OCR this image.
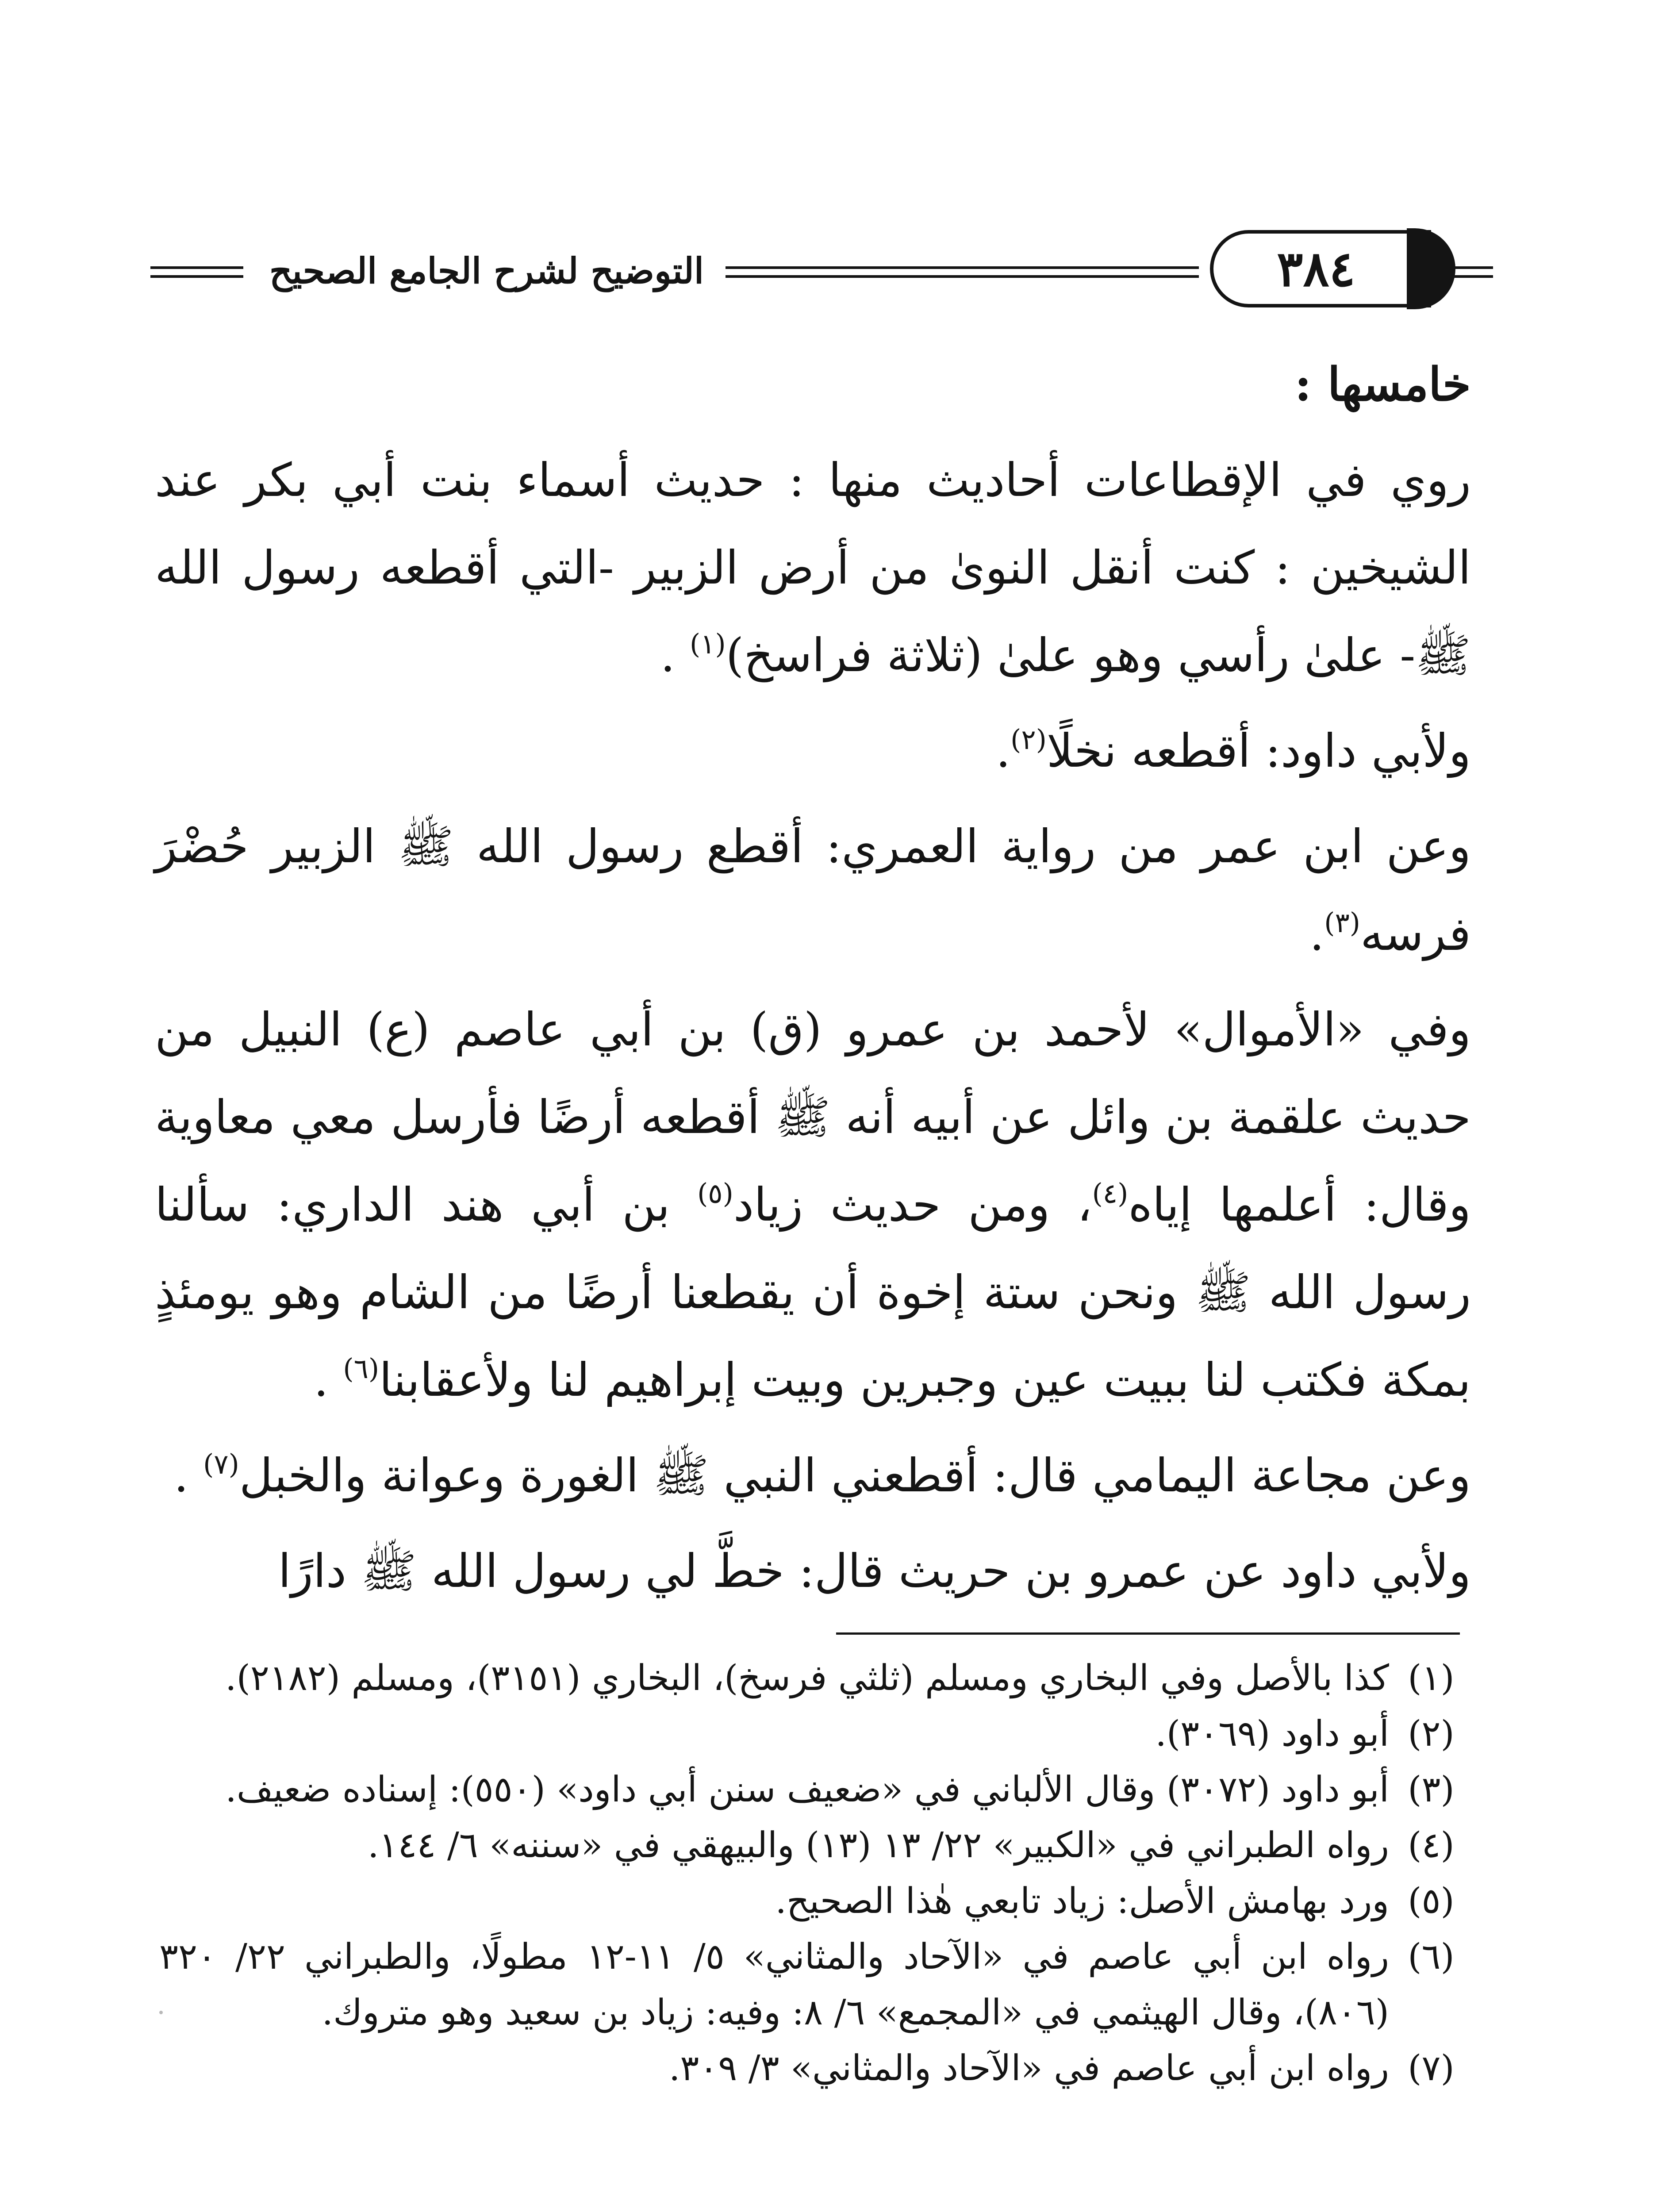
التوضيح لشرح الجامع الصحيح	٣٨٤

خامسها :

روي في الإقطاعات أحاديث منها : حديث أسماء بنت أبي بكر عند الشيخين : كنت أنقل النوىٰ من أرض الزبير -التي أقطعه رسول الله ﷺ- علىٰ رأسي وهو علىٰ (ثلاثة فراسخ)$^{(١)}$ .

ولأبي داود: أقطعه نخلًا$^{(٢)}$.

وعن ابن عمر من رواية العمري: أقطع رسول الله ﷺ الزبير حُضْرَ فرسه$^{(٣)}$.

وفي «الأموال» لأحمد بن عمرو (ق) بن أبي عاصم (ع) النبيل من حديث علقمة بن وائل عن أبيه أنه ﷺ أقطعه أرضًا فأرسل معي معاوية وقال: أعلمها إياه$^{(٤)}$، ومن حديث زياد$^{(٥)}$ بن أبي هند الداري: سألنا رسول الله ﷺ ونحن ستة إخوة أن يقطعنا أرضًا من الشام وهو يومئذٍ بمكة فكتب لنا ببيت عين وجبرين وبيت إبراهيم لنا ولأعقابنا$^{(٦)}$ .

وعن مجاعة اليمامي قال: أقطعني النبي ﷺ الغورة وعوانة والخبل$^{(٧)}$ .

ولأبي داود عن عمرو بن حريث قال: خطَّ لي رسول الله ﷺ دارًا

(١)
كذا بالأصل وفي البخاري ومسلم (ثلثي فرسخ)، البخاري (٣١٥١)، ومسلم (٢١٨٢).
(٢)
أبو داود (٣٠٦٩).
(٣)
أبو داود (٣٠٧٢) وقال الألباني في «ضعيف سنن أبي داود» (٥٥٠): إسناده ضعيف.
(٤)
رواه الطبراني في «الكبير» ٢٢/ ١٣ (١٣) والبيهقي في «سننه» ٦/ ١٤٤.
(٥)
ورد بهامش الأصل: زياد تابعي هٰذا الصحيح.
(٦)
رواه ابن أبي عاصم في «الآحاد والمثاني» ٥/ ١١-١٢ مطولًا، والطبراني ٢٢/ ٣٢٠ (٨٠٦)، وقال الهيثمي في «المجمع» ٦/ ٨: وفيه: زياد بن سعيد وهو متروك.
(٧)
رواه ابن أبي عاصم في «الآحاد والمثاني» ٣/ ٣٠٩.
